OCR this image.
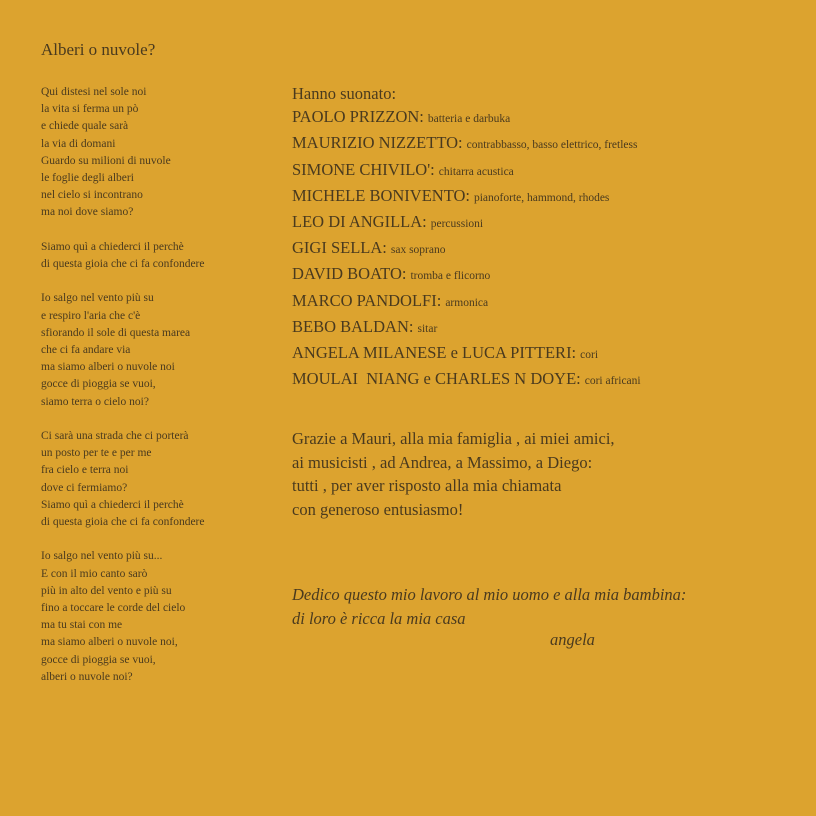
Alberi o nuvole?
Qui distesi nel sole noi
la vita si ferma un pò
e chiede quale sarà
la via di domani
Guardo su milioni di nuvole
le foglie degli alberi
nel cielo si incontrano
ma noi dove siamo?
Siamo quì a chiederci il perchè
di questa gioia che ci fa confondere
Io salgo nel vento più su
e respiro l'aria che c'è
sfiorando il sole di questa marea
che ci fa andare via
ma siamo alberi o nuvole noi
gocce di pioggia se vuoi,
siamo terra o cielo noi?
Ci sarà una strada che ci porterà
un posto per te e per me
fra cielo e terra noi
dove ci fermiamo?
Siamo quì a chiederci il perchè
di questa gioia che ci fa confondere
Io salgo nel vento più su...
E con il mio canto sarò
più in alto del vento e più su
fino a toccare le corde del cielo
ma tu stai con me
ma siamo alberi o nuvole noi,
gocce di pioggia se vuoi,
alberi o nuvole noi?
Hanno suonato:
PAOLO PRIZZON: batteria e darbuka
MAURIZIO NIZZETTO: contrabbasso, basso elettrico, fretless
SIMONE CHIVILO': chitarra acustica
MICHELE BONIVENTO: pianoforte, hammond, rhodes
LEO DI ANGILLA: percussioni
GIGI SELLA: sax soprano
DAVID BOATO: tromba e flicorno
MARCO PANDOLFI: armonica
BEBO BALDAN: sitar
ANGELA MILANESE e LUCA PITTERI: cori
MOULAI  NIANG e CHARLES N DOYE: cori africani
Grazie a Mauri, alla mia famiglia , ai miei amici,
ai musicisti , ad Andrea, a Massimo, a Diego:
tutti , per aver risposto alla mia chiamata
con generoso entusiasmo!
Dedico questo mio lavoro al mio uomo e alla mia bambina:
di loro è ricca la mia casa
angela
